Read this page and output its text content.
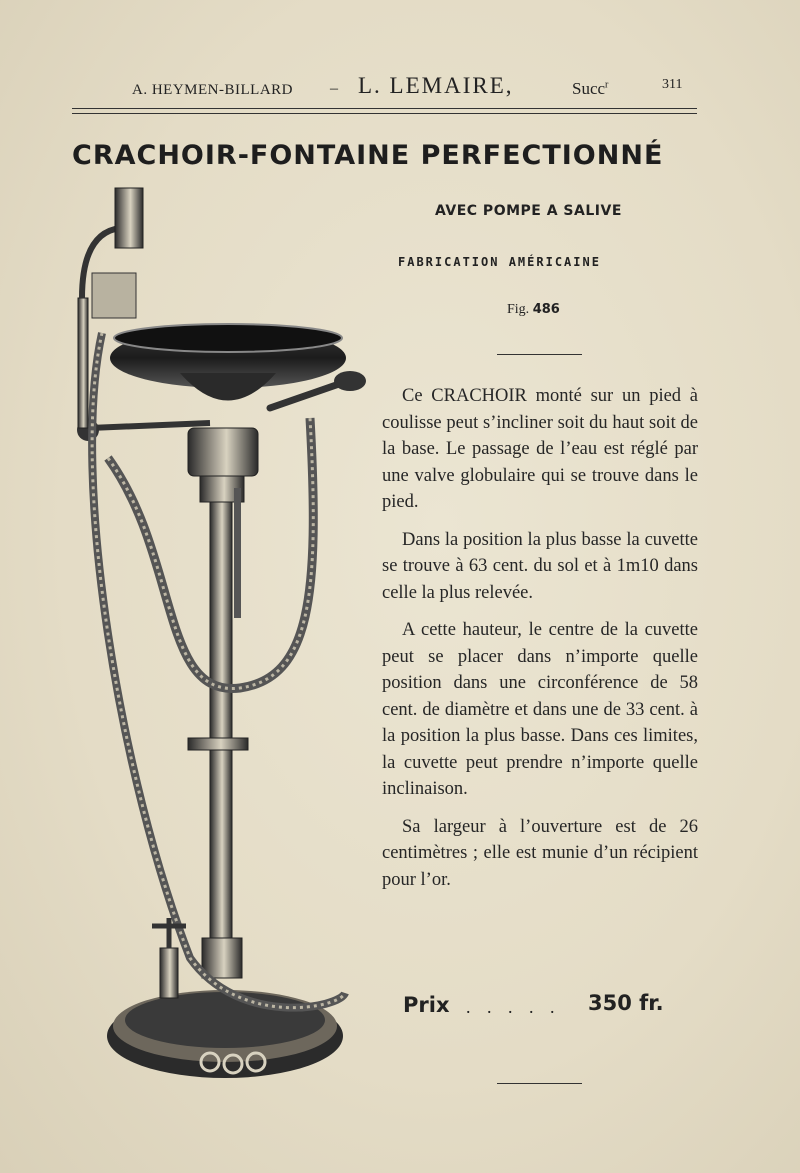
A. HEYMEN-BILLARD – L. LEMAIRE,	Succ$^r$	311
CRACHOIR-FONTAINE PERFECTIONNÉ
AVEC POMPE A SALIVE
FABRICATION AMÉRICAINE
Fig. 486

Ce CRACHOIR monté sur un pied à coulisse peut s’incliner soit du haut soit de la base. Le passage de l’eau est réglé par une valve globulaire qui se trouve dans le pied.

Dans la position la plus basse la cuvette se trouve à 63 cent. du sol et à 1m10 dans celle la plus relevée.

A cette hauteur, le centre de la cuvette peut se placer dans n’importe quelle position dans une circonférence de 58 cent. de diamètre et dans une de 33 cent. à la position la plus basse. Dans ces limites, la cuvette peut prendre n’importe quelle inclinaison.

Sa largeur à l’ouverture est de 26 centimètres ; elle est munie d’un récipient pour l’or.

Prix . . . . . 350 fr.
